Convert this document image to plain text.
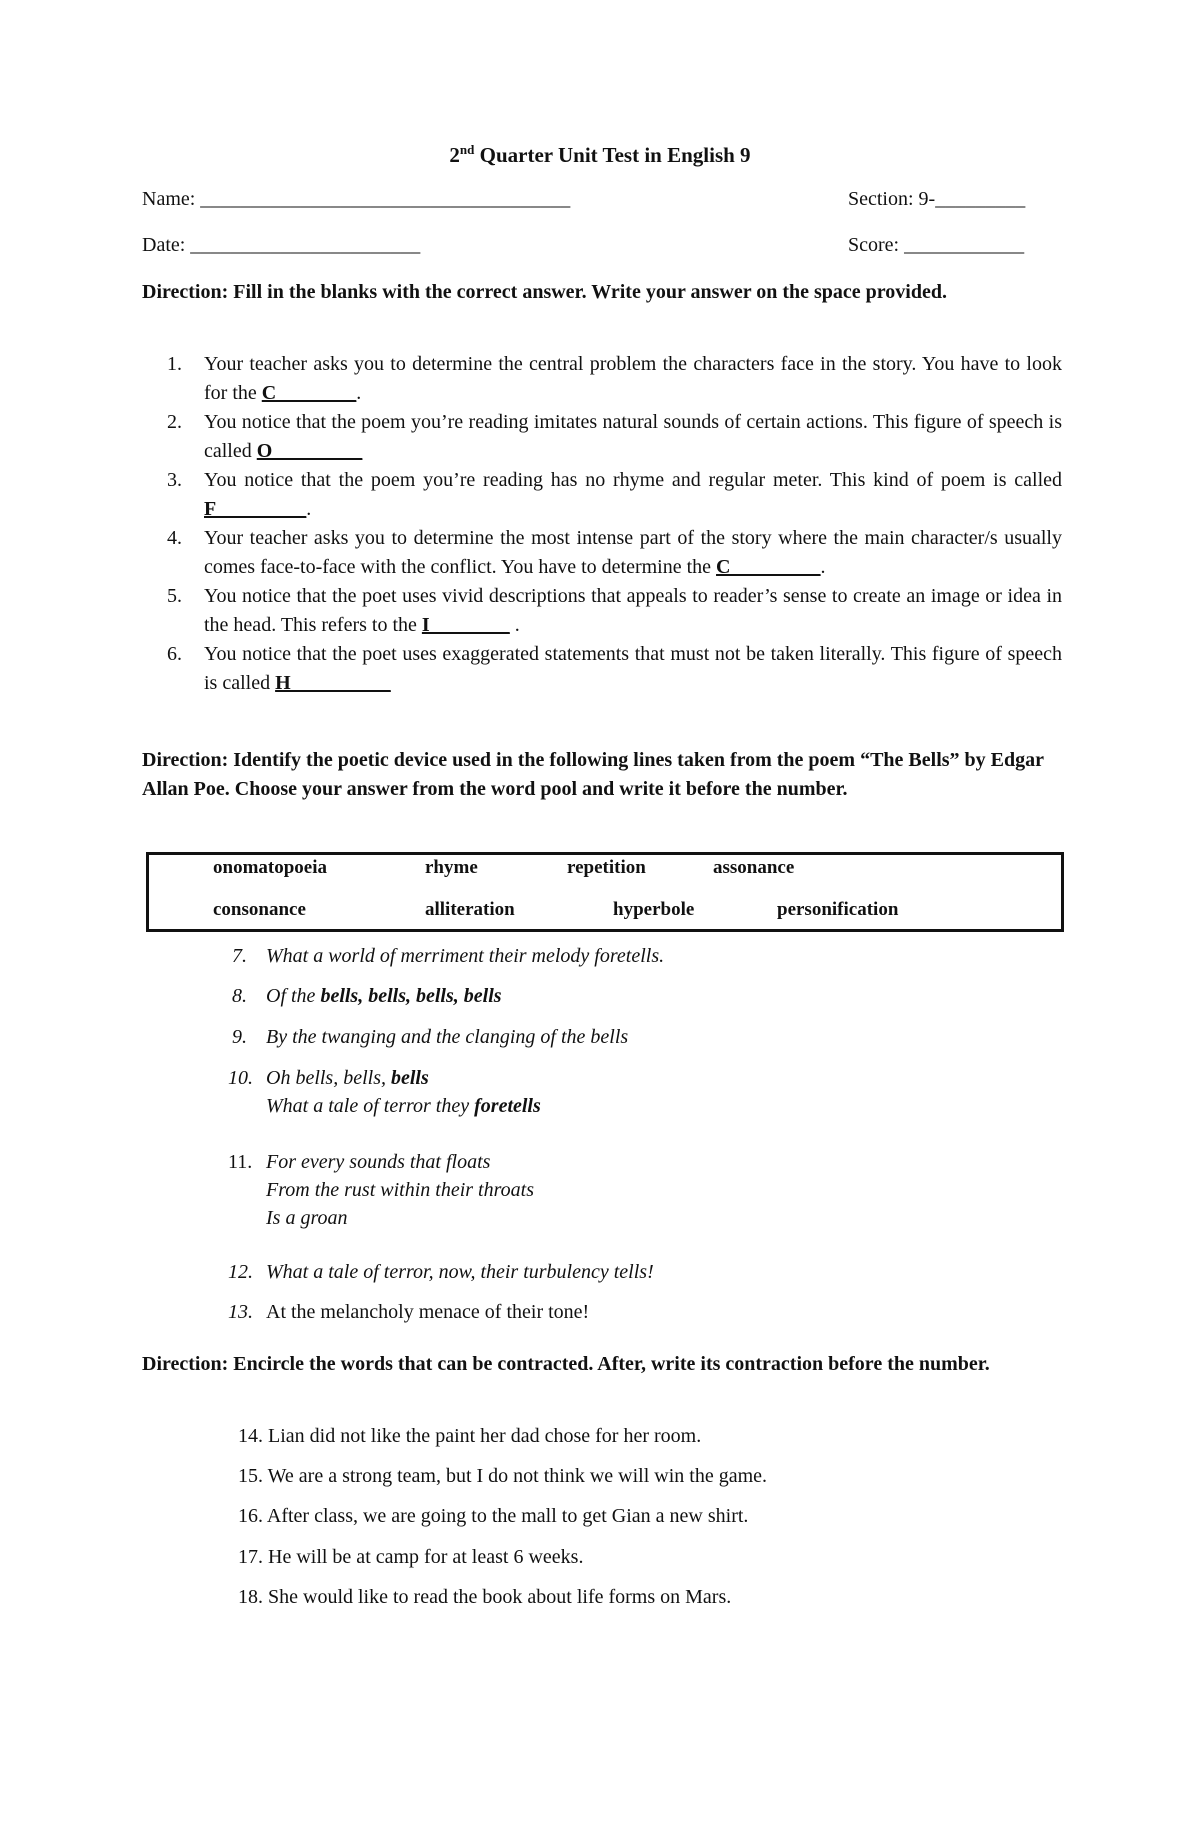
2nd Quarter Unit Test in English 9
Name: _____________________________________	Section: 9-_________
Date: _______________________	Score: ____________
Direction: Fill in the blanks with the correct answer. Write your answer on the space provided.
1. Your teacher asks you to determine the central problem the characters face in the story. You have to look for the C________.
2. You notice that the poem you’re reading imitates natural sounds of certain actions. This figure of speech is called O_________
3. You notice that the poem you’re reading has no rhyme and regular meter. This kind of poem is called F_________.
4. Your teacher asks you to determine the most intense part of the story where the main character/s usually comes face-to-face with the conflict. You have to determine the C_________.
5. You notice that the poet uses vivid descriptions that appeals to reader’s sense to create an image or idea in the head. This refers to the I________ .
6. You notice that the poet uses exaggerated statements that must not be taken literally. This figure of speech is called H__________
Direction: Identify the poetic device used in the following lines taken from the poem “The Bells” by Edgar Allan Poe. Choose your answer from the word pool and write it before the number.
onomatopoeia	rhyme	repetition	assonance
consonance	alliteration	hyperbole	personification
7. What a world of merriment their melody foretells.
8. Of the bells, bells, bells, bells
9. By the twanging and the clanging of the bells
10. Oh bells, bells, bells
What a tale of terror they foretells
11. For every sounds that floats
From the rust within their throats
Is a groan
12. What a tale of terror, now, their turbulency tells!
13. At the melancholy menace of their tone!
Direction: Encircle the words that can be contracted. After, write its contraction before the number.
14. Lian did not like the paint her dad chose for her room.
15. We are a strong team, but I do not think we will win the game.
16. After class, we are going to the mall to get Gian a new shirt.
17. He will be at camp for at least 6 weeks.
18. She would like to read the book about life forms on Mars.
